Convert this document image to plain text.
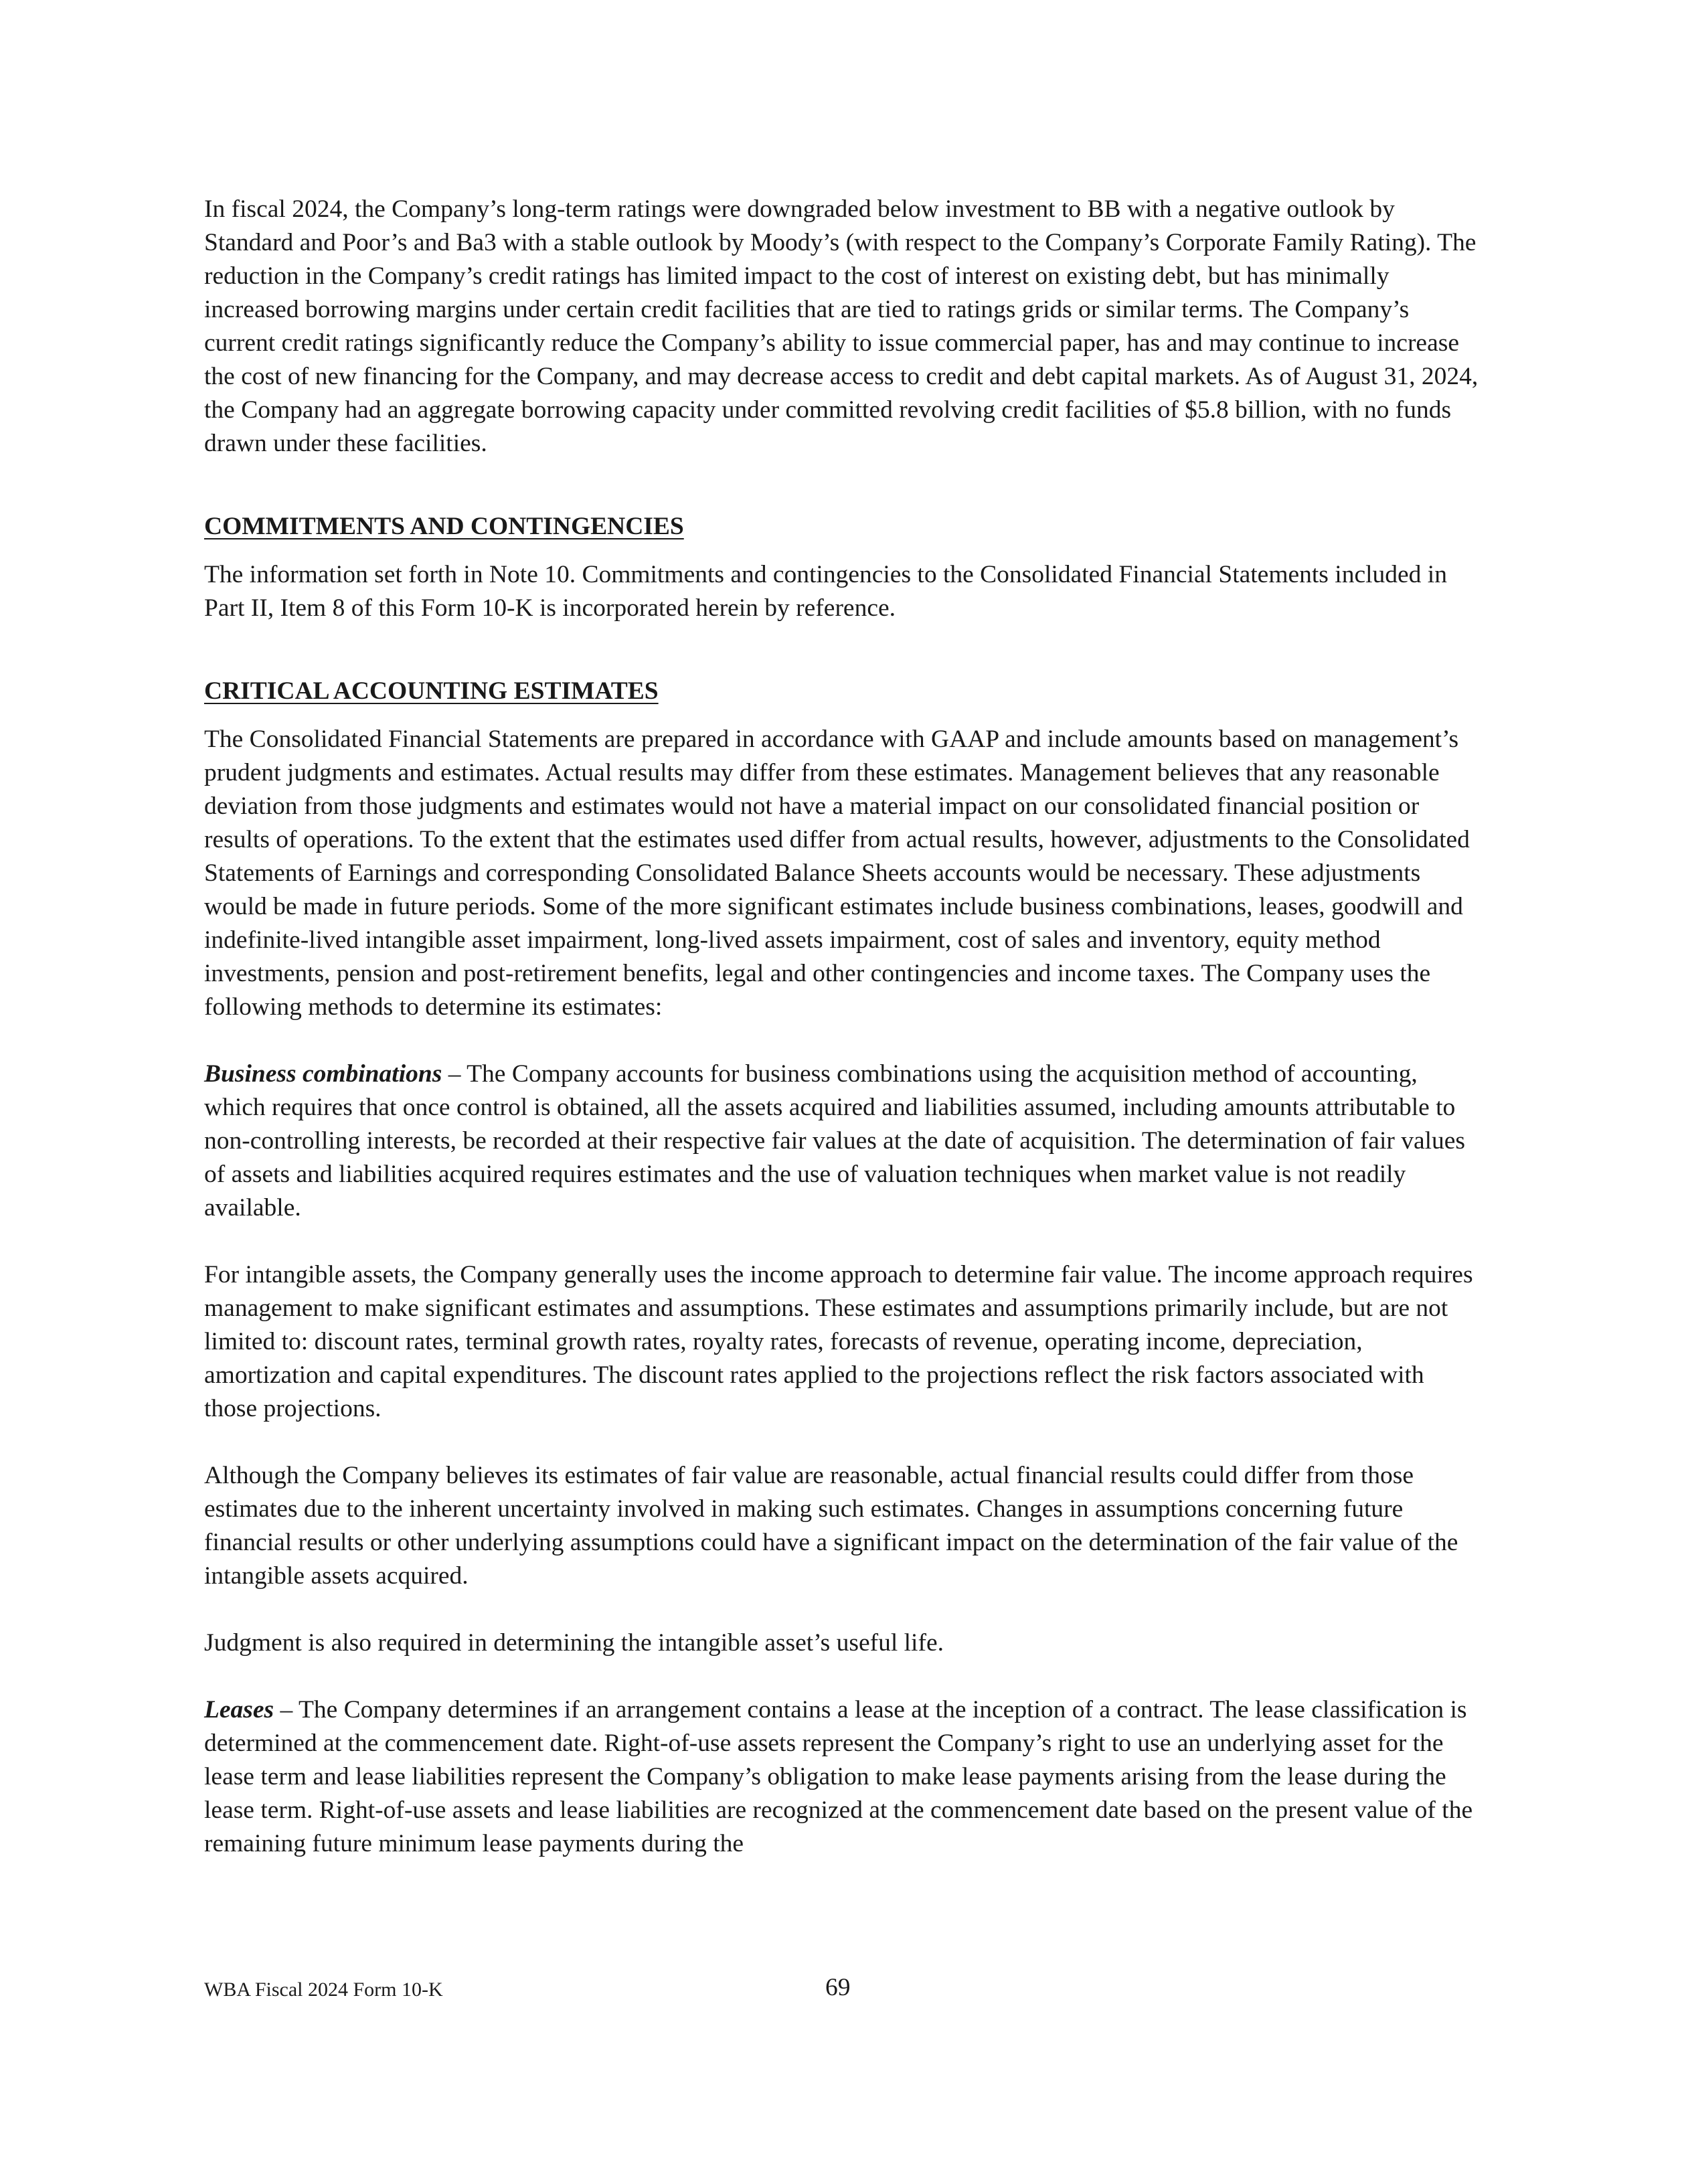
In fiscal 2024, the Company’s long-term ratings were downgraded below investment to BB with a negative outlook by Standard and Poor’s and Ba3 with a stable outlook by Moody’s (with respect to the Company’s Corporate Family Rating). The reduction in the Company’s credit ratings has limited impact to the cost of interest on existing debt, but has minimally increased borrowing margins under certain credit facilities that are tied to ratings grids or similar terms. The Company’s current credit ratings significantly reduce the Company’s ability to issue commercial paper, has and may continue to increase the cost of new financing for the Company, and may decrease access to credit and debt capital markets. As of August 31, 2024, the Company had an aggregate borrowing capacity under committed revolving credit facilities of $5.8 billion, with no funds drawn under these facilities.

COMMITMENTS AND CONTINGENCIES

The information set forth in Note 10. Commitments and contingencies to the Consolidated Financial Statements included in Part II, Item 8 of this Form 10-K is incorporated herein by reference.

CRITICAL ACCOUNTING ESTIMATES

The Consolidated Financial Statements are prepared in accordance with GAAP and include amounts based on management’s prudent judgments and estimates. Actual results may differ from these estimates. Management believes that any reasonable deviation from those judgments and estimates would not have a material impact on our consolidated financial position or results of operations. To the extent that the estimates used differ from actual results, however, adjustments to the Consolidated Statements of Earnings and corresponding Consolidated Balance Sheets accounts would be necessary. These adjustments would be made in future periods. Some of the more significant estimates include business combinations, leases, goodwill and indefinite-lived intangible asset impairment, long-lived assets impairment, cost of sales and inventory, equity method investments, pension and post-retirement benefits, legal and other contingencies and income taxes. The Company uses the following methods to determine its estimates:

Business combinations – The Company accounts for business combinations using the acquisition method of accounting, which requires that once control is obtained, all the assets acquired and liabilities assumed, including amounts attributable to non-controlling interests, be recorded at their respective fair values at the date of acquisition. The determination of fair values of assets and liabilities acquired requires estimates and the use of valuation techniques when market value is not readily available.

For intangible assets, the Company generally uses the income approach to determine fair value. The income approach requires management to make significant estimates and assumptions. These estimates and assumptions primarily include, but are not limited to: discount rates, terminal growth rates, royalty rates, forecasts of revenue, operating income, depreciation, amortization and capital expenditures. The discount rates applied to the projections reflect the risk factors associated with those projections.

Although the Company believes its estimates of fair value are reasonable, actual financial results could differ from those estimates due to the inherent uncertainty involved in making such estimates. Changes in assumptions concerning future financial results or other underlying assumptions could have a significant impact on the determination of the fair value of the intangible assets acquired.

Judgment is also required in determining the intangible asset’s useful life.

Leases – The Company determines if an arrangement contains a lease at the inception of a contract. The lease classification is determined at the commencement date. Right-of-use assets represent the Company’s right to use an underlying asset for the lease term and lease liabilities represent the Company’s obligation to make lease payments arising from the lease during the lease term. Right-of-use assets and lease liabilities are recognized at the commencement date based on the present value of the remaining future minimum lease payments during the

WBA Fiscal 2024 Form 10-K	69
